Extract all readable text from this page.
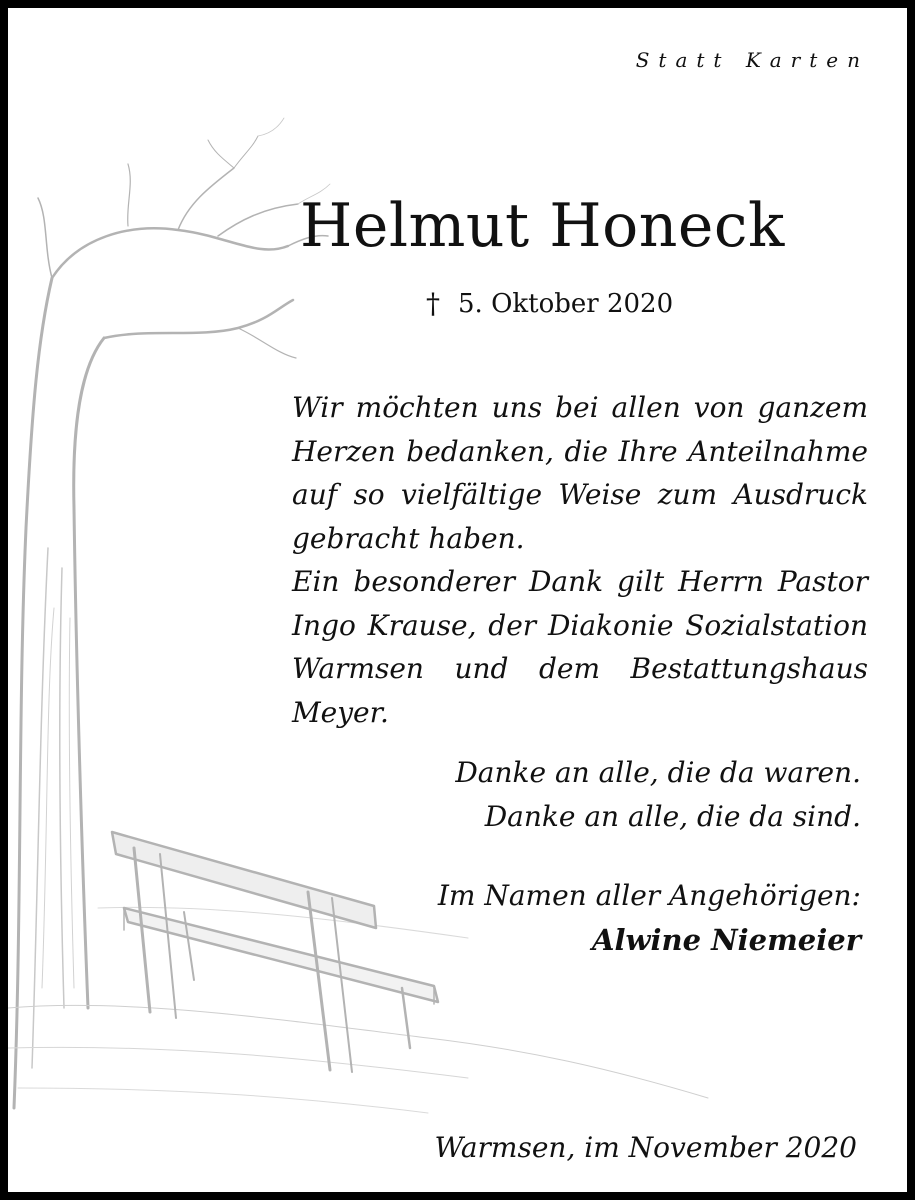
Statt Karten
Helmut Honeck
† 5. Oktober 2020

Wir möchten uns bei allen von ganzem Herzen bedanken, die Ihre Anteilnahme auf so vielfältige Weise zum Ausdruck gebracht haben.

Ein besonderer Dank gilt Herrn Pastor Ingo Krause, der Diakonie Sozialstation Warmsen und dem Bestattungshaus Meyer.

Danke an alle, die da waren.
Danke an alle, die da sind.
Im Namen aller Angehörigen:
Alwine Niemeier
Warmsen, im November 2020
